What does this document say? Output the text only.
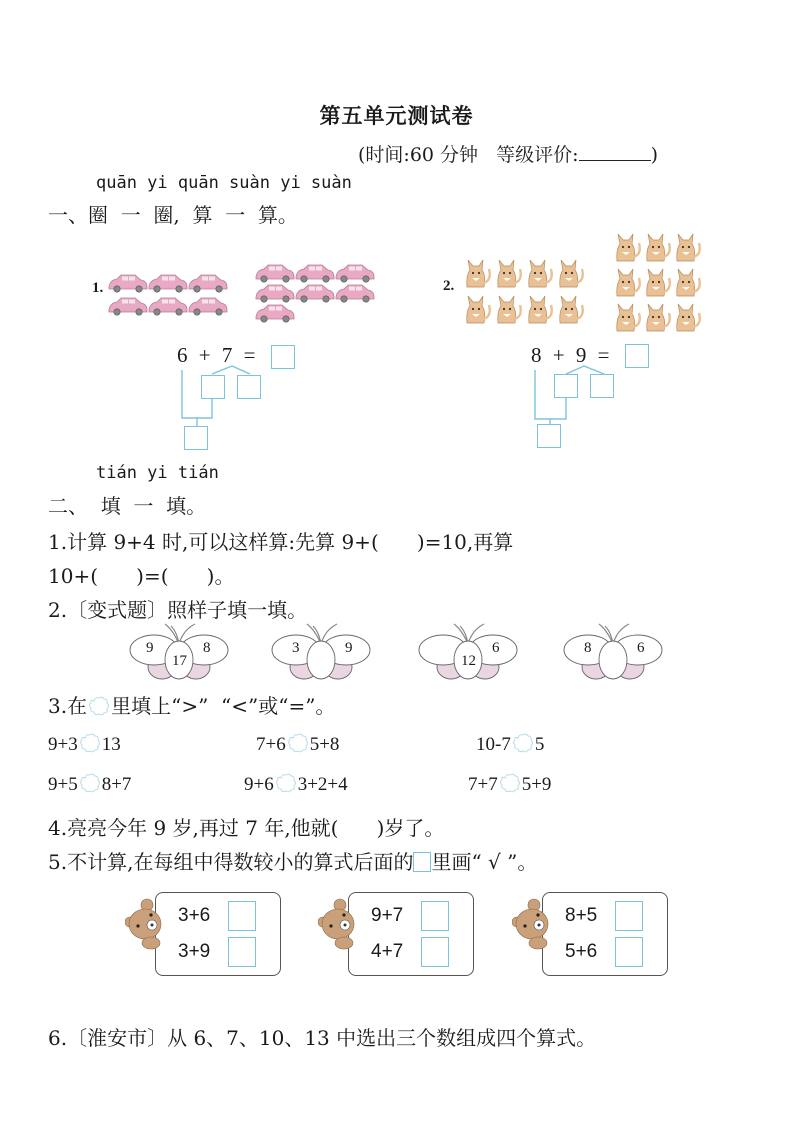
第五单元测试卷
(时间:60 分钟   等级评价:	)
quān yi quān suàn yi suàn
一、圈  一  圈,  算  一  算。
1.
6 + 7 =
2.
8 + 9 =
tián yi tián
二、  填  一  填。
1.计算 9+4 时,可以这样算:先算 9+(      )=10,再算
10+(      )=(      )。
2.〔变式题〕照样子填一填。
9
17
8	3	9
12
6	8	6
3.在 里填上“>”  “<”或“=”。
9+3 13	7+6 5+8	10-7 5
9+5 8+7	9+6 3+2+4	7+7 5+9
4.亮亮今年 9 岁,再过 7 年,他就(      )岁了。
5.不计算,在每组中得数较小的算式后面的 里画“ √ ”。
3+6
3+9
9+7
4+7
8+5
5+6
6.〔淮安市〕从 6、7、10、13 中选出三个数组成四个算式。
